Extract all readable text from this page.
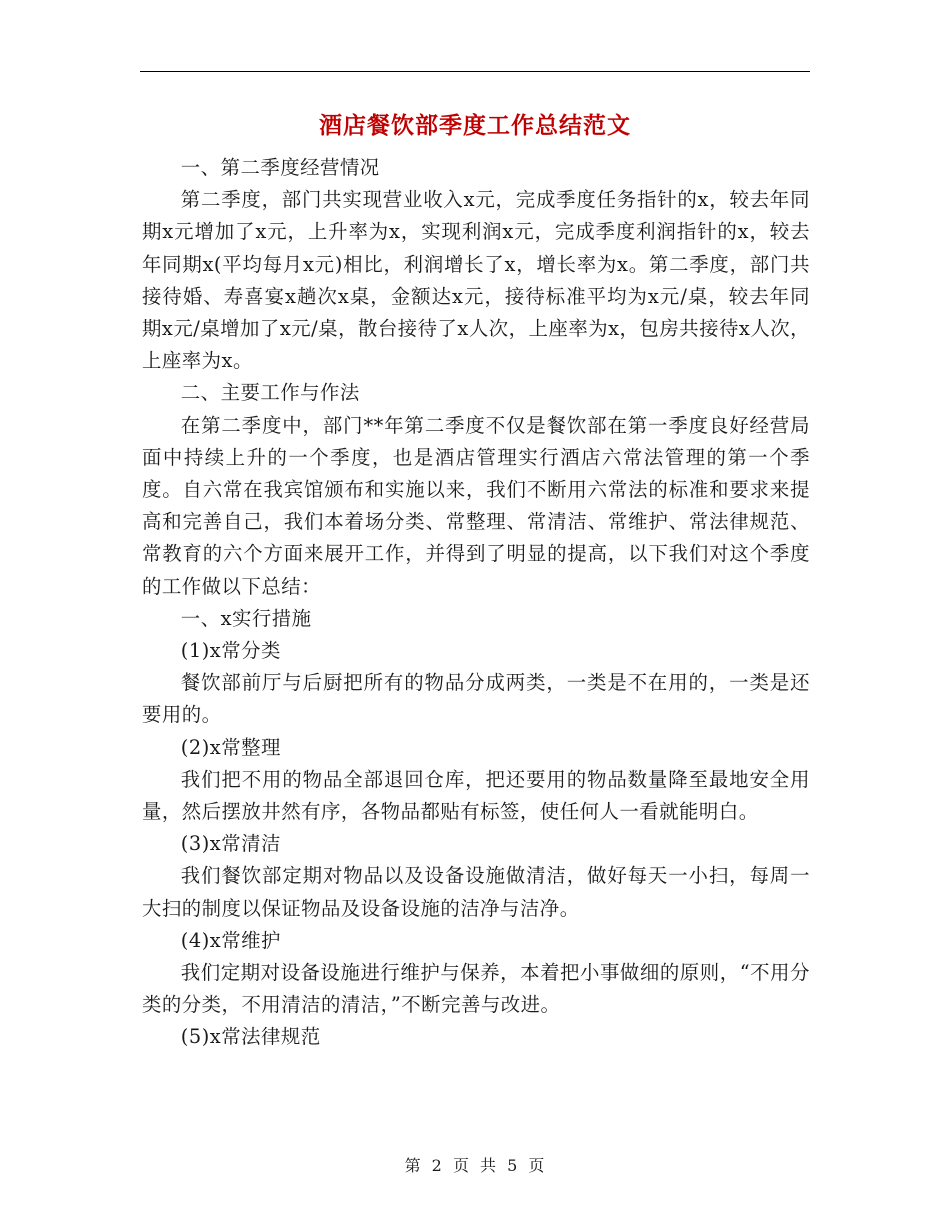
酒店餐饮部季度工作总结范文

一、第二季度经营情况

第二季度，部门共实现营业收入x元，完成季度任务指针的x，较去年同期x元增加了x元，上升率为x，实现利润x元，完成季度利润指针的x，较去年同期x(平均每月x元)相比，利润增长了x，增长率为x。第二季度，部门共接待婚、寿喜宴x趟次x桌，金额达x元，接待标准平均为x元/桌，较去年同期x元/桌增加了x元/桌，散台接待了x人次，上座率为x，包房共接待x人次，上座率为x。

二、主要工作与作法

在第二季度中，部门**年第二季度不仅是餐饮部在第一季度良好经营局面中持续上升的一个季度，也是酒店管理实行酒店六常法管理的第一个季度。自六常在我宾馆颁布和实施以来，我们不断用六常法的标准和要求来提高和完善自己，我们本着场分类、常整理、常清洁、常维护、常法律规范、常教育的六个方面来展开工作，并得到了明显的提高，以下我们对这个季度的工作做以下总结：

一、x实行措施

(1)x常分类

餐饮部前厅与后厨把所有的物品分成两类，一类是不在用的，一类是还要用的。

(2)x常整理

我们把不用的物品全部退回仓库，把还要用的物品数量降至最地安全用量，然后摆放井然有序，各物品都贴有标签，使任何人一看就能明白。

(3)x常清洁

我们餐饮部定期对物品以及设备设施做清洁，做好每天一小扫，每周一大扫的制度以保证物品及设备设施的洁净与洁净。

(4)x常维护

我们定期对设备设施进行维护与保养，本着把小事做细的原则，“不用分类的分类，不用清洁的清洁，”不断完善与改进。

(5)x常法律规范

第 2 页 共 5 页
